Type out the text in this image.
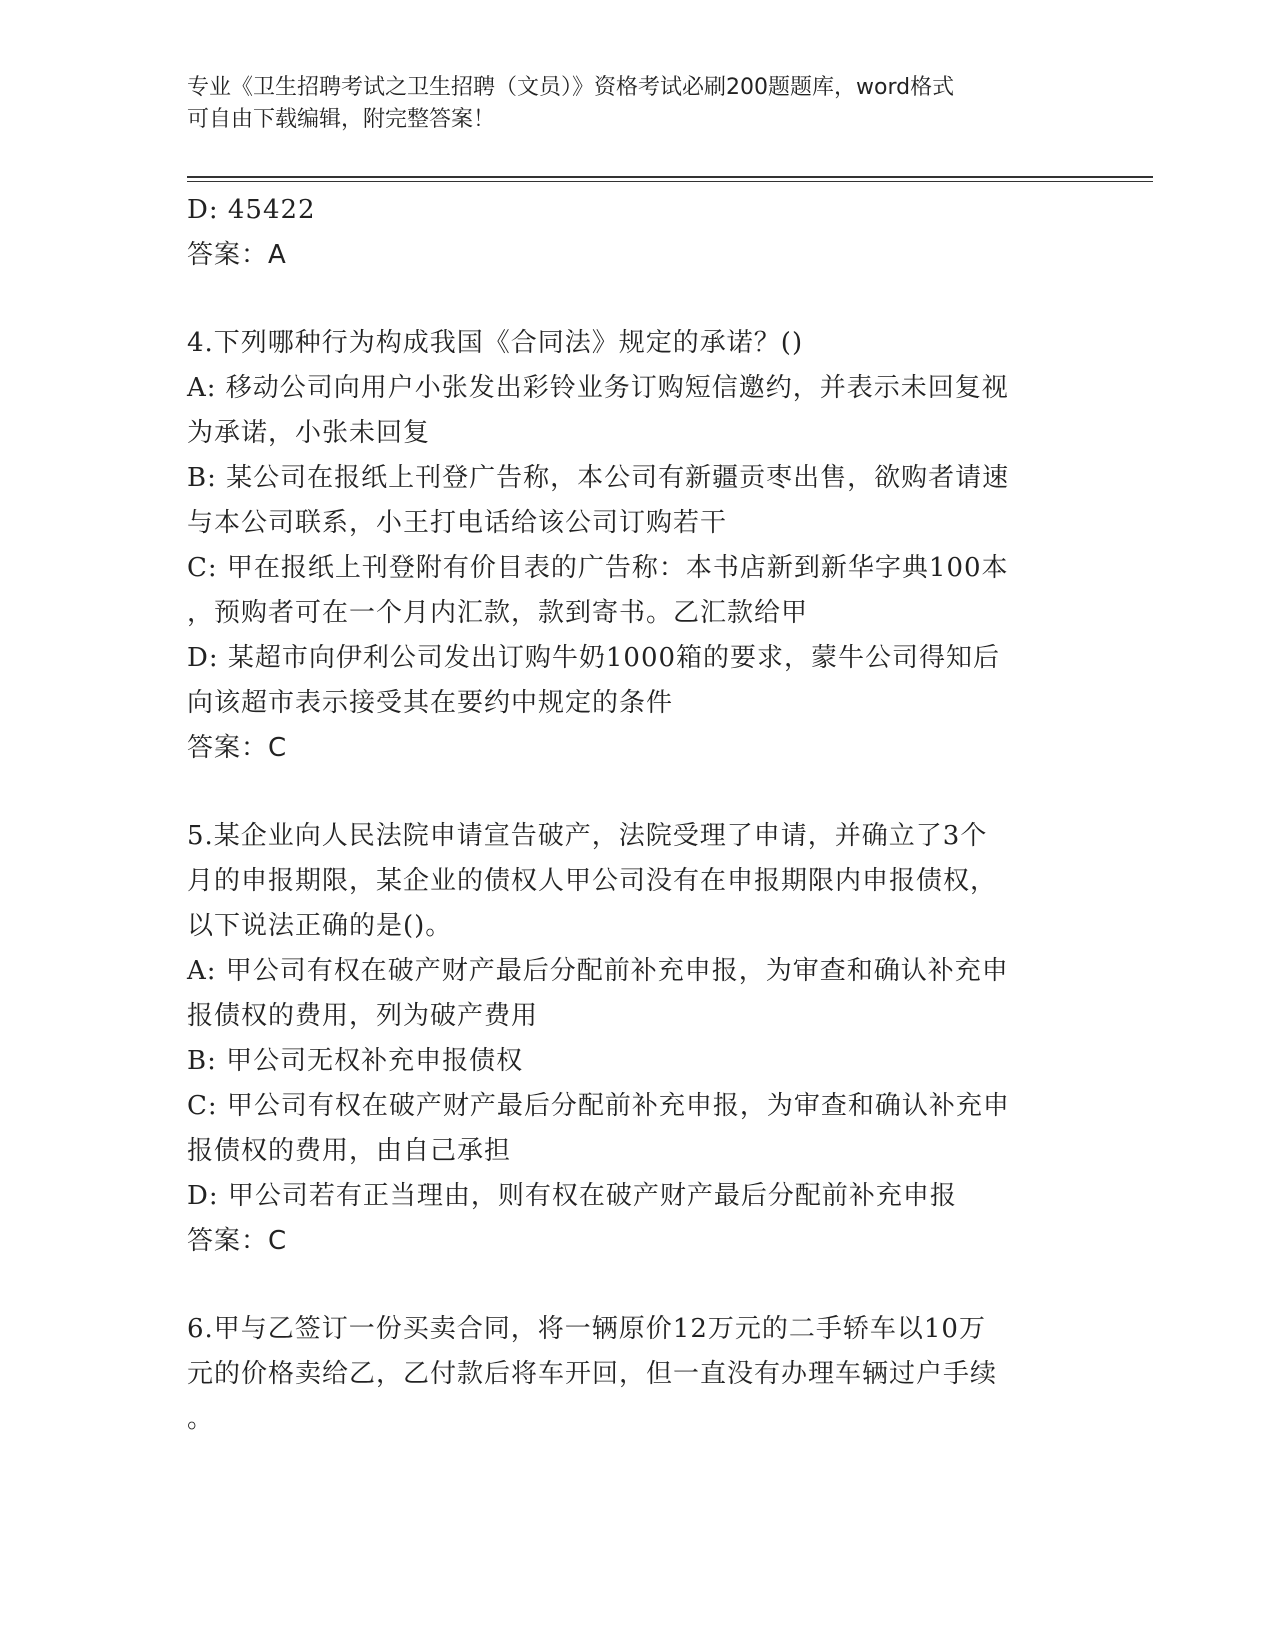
专业《卫生招聘考试之卫生招聘（文员）》资格考试必刷200题题库，word格式
可自由下载编辑，附完整答案！
D: 45422
答案：A
4.下列哪种行为构成我国《合同法》规定的承诺？()
A: 移动公司向用户小张发出彩铃业务订购短信邀约，并表示未回复视
为承诺，小张未回复
B: 某公司在报纸上刊登广告称，本公司有新疆贡枣出售，欲购者请速
与本公司联系，小王打电话给该公司订购若干
C: 甲在报纸上刊登附有价目表的广告称：本书店新到新华字典100本
，预购者可在一个月内汇款，款到寄书。乙汇款给甲
D: 某超市向伊利公司发出订购牛奶1000箱的要求，蒙牛公司得知后
向该超市表示接受其在要约中规定的条件
答案：C
5.某企业向人民法院申请宣告破产，法院受理了申请，并确立了3个
月的申报期限，某企业的债权人甲公司没有在申报期限内申报债权，
以下说法正确的是()。
A: 甲公司有权在破产财产最后分配前补充申报，为审查和确认补充申
报债权的费用，列为破产费用
B: 甲公司无权补充申报债权
C: 甲公司有权在破产财产最后分配前补充申报，为审查和确认补充申
报债权的费用，由自己承担
D: 甲公司若有正当理由，则有权在破产财产最后分配前补充申报
答案：C
6.甲与乙签订一份买卖合同，将一辆原价12万元的二手轿车以10万
元的价格卖给乙，乙付款后将车开回，但一直没有办理车辆过户手续
。
